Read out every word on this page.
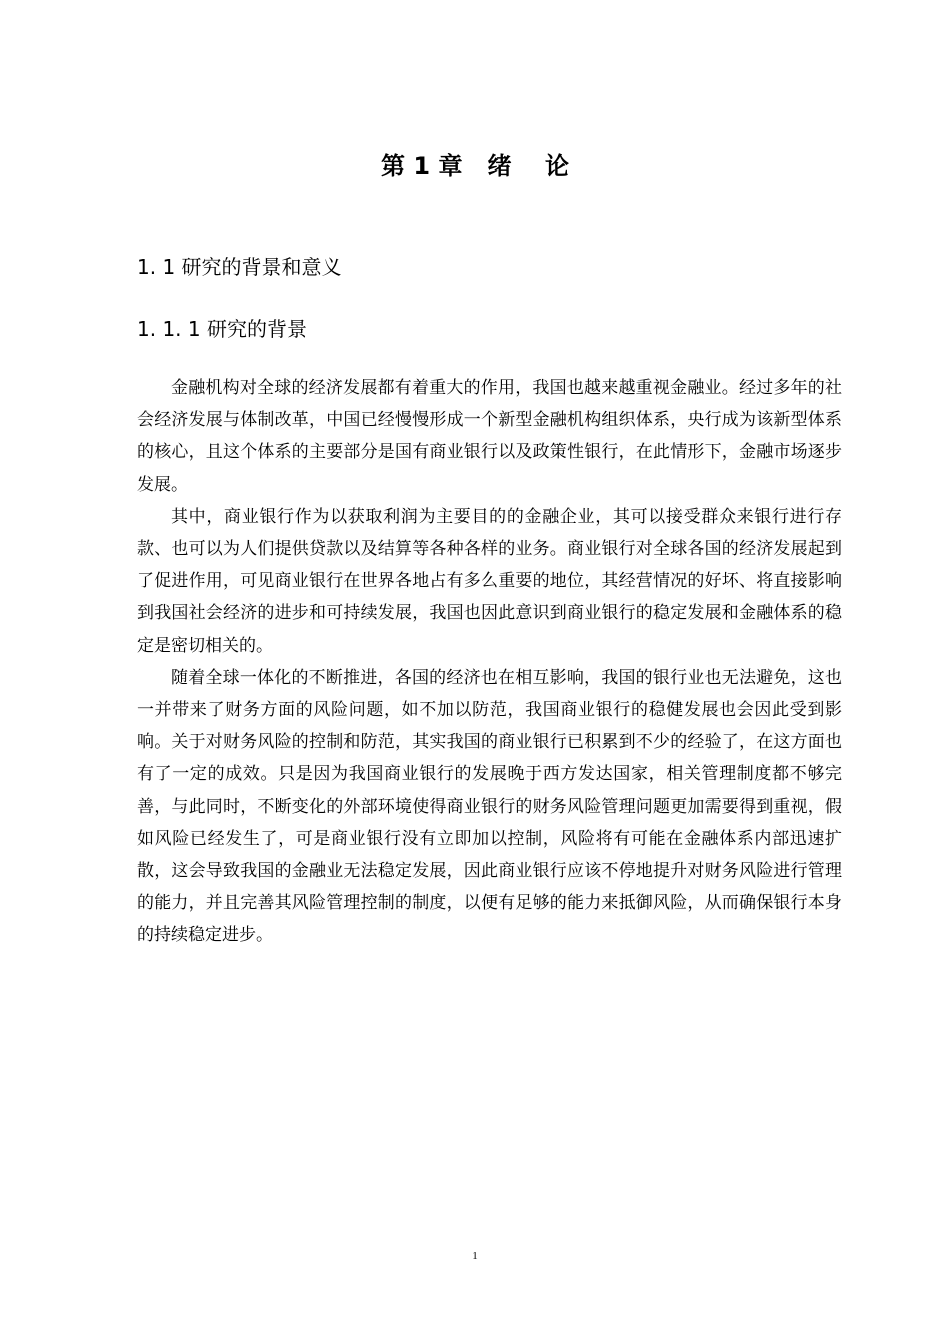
第 1 章   绪    论
1. 1 研究的背景和意义
1. 1. 1 研究的背景

金融机构对全球的经济发展都有着重大的作用，我国也越来越重视金融业。经过多年的社会经济发展与体制改革，中国已经慢慢形成一个新型金融机构组织体系，央行成为该新型体系的核心，且这个体系的主要部分是国有商业银行以及政策性银行，在此情形下，金融市场逐步发展。

其中，商业银行作为以获取利润为主要目的的金融企业，其可以接受群众来银行进行存款、也可以为人们提供贷款以及结算等各种各样的业务。商业银行对全球各国的经济发展起到了促进作用，可见商业银行在世界各地占有多么重要的地位，其经营情况的好坏、将直接影响到我国社会经济的进步和可持续发展，我国也因此意识到商业银行的稳定发展和金融体系的稳定是密切相关的。

随着全球一体化的不断推进，各国的经济也在相互影响，我国的银行业也无法避免，这也一并带来了财务方面的风险问题，如不加以防范，我国商业银行的稳健发展也会因此受到影响。关于对财务风险的控制和防范，其实我国的商业银行已积累到不少的经验了，在这方面也有了一定的成效。只是因为我国商业银行的发展晚于西方发达国家，相关管理制度都不够完善，与此同时，不断变化的外部环境使得商业银行的财务风险管理问题更加需要得到重视，假如风险已经发生了，可是商业银行没有立即加以控制，风险将有可能在金融体系内部迅速扩散，这会导致我国的金融业无法稳定发展，因此商业银行应该不停地提升对财务风险进行管理的能力，并且完善其风险管理控制的制度，以便有足够的能力来抵御风险，从而确保银行本身的持续稳定进步。

1
